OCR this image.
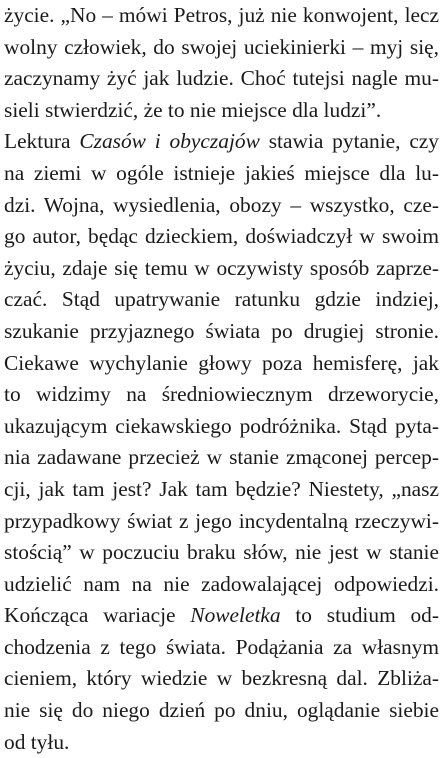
życie. „No – mówi Petros, już nie konwojent, lecz
wolny człowiek, do swojej uciekinierki – myj się,
zaczynamy żyć jak ludzie. Choć tutejsi nagle mu-
sieli stwierdzić, że to nie miejsce dla ludzi”.
Lektura Czasów i obyczajów stawia pytanie, czy
na ziemi w ogóle istnieje jakieś miejsce dla lu-
dzi. Wojna, wysiedlenia, obozy – wszystko, cze-
go autor, będąc dzieckiem, doświadczył w swoim
życiu, zdaje się temu w oczywisty sposób zaprze-
czać. Stąd upatrywanie ratunku gdzie indziej,
szukanie przyjaznego świata po drugiej stronie.
Ciekawe wychylanie głowy poza hemisferę, jak
to widzimy na średniowiecznym drzeworycie,
ukazującym ciekawskiego podróżnika. Stąd pyta-
nia zadawane przecież w stanie zmąconej percep-
cji, jak tam jest? Jak tam będzie? Niestety, „nasz
przypadkowy świat z jego incydentalną rzeczywi-
stością” w poczuciu braku słów, nie jest w stanie
udzielić nam na nie zadowalającej odpowiedzi.
Kończąca wariacje Noweletka to studium od-
chodzenia z tego świata. Podążania za własnym
cieniem, który wiedzie w bezkresną dal. Zbliża-
nie się do niego dzień po dniu, oglądanie siebie
od tyłu.
